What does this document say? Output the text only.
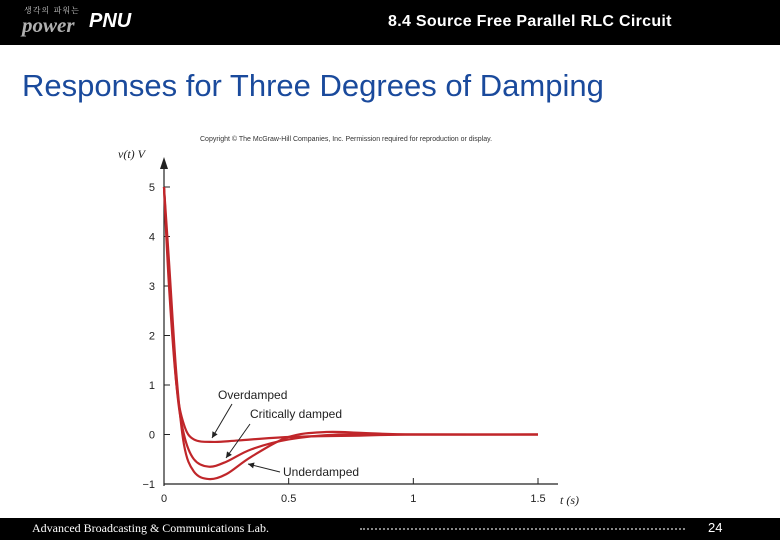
생각의 파워는
power PNU	8.4 Source Free Parallel RLC Circuit
Responses for Three Degrees of Damping
Copyright © The McGraw-Hill Companies, Inc. Permission required for reproduction or display.
−1
0
1
2
3
4
5
0	0.5	1	1.5
v(t) V
t (s)
Overdamped
Critically damped
Underdamped
Advanced Broadcasting & Communications Lab.	24
